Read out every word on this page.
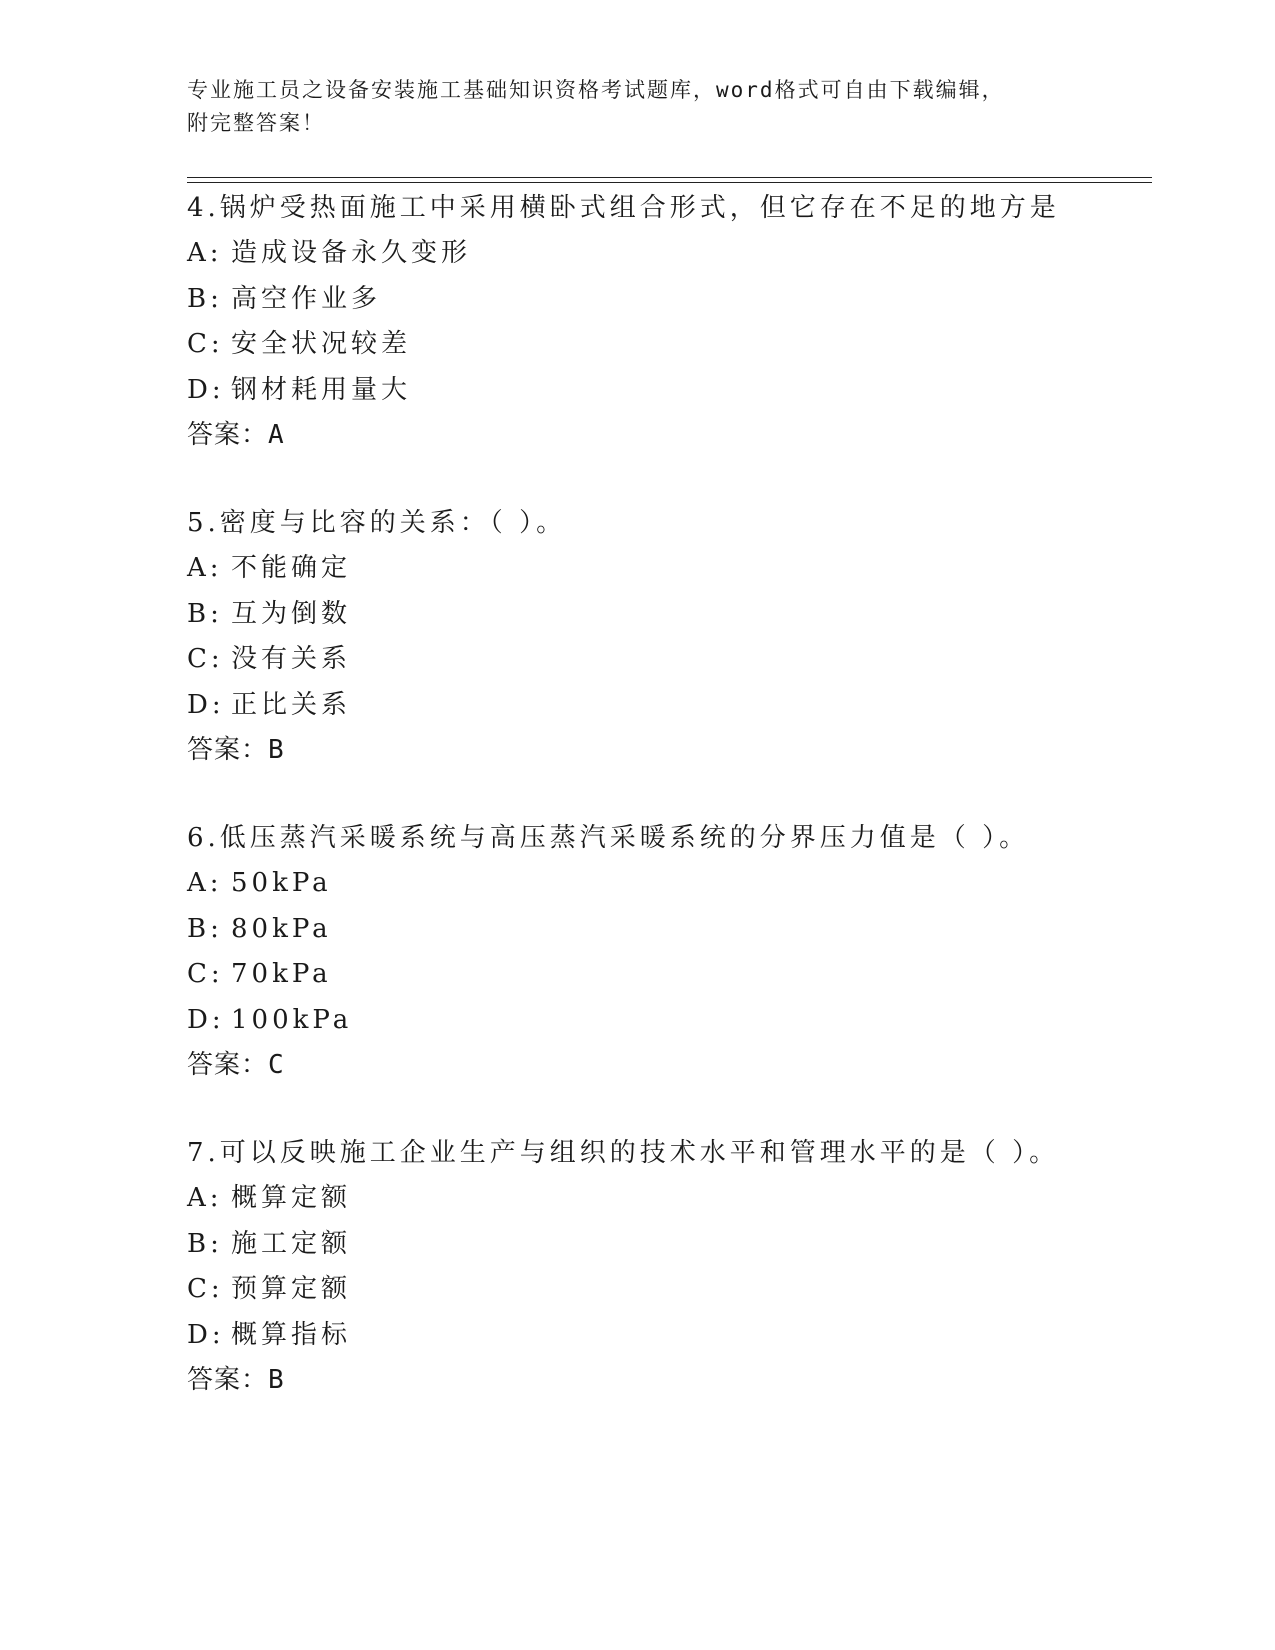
专业施工员之设备安装施工基础知识资格考试题库，word格式可自由下载编辑，
附完整答案！
4.锅炉受热面施工中采用横卧式组合形式，但它存在不足的地方是
A: 造成设备永久变形
B: 高空作业多
C: 安全状况较差
D: 钢材耗用量大
答案：A
5.密度与比容的关系：（ ）。
A: 不能确定
B: 互为倒数
C: 没有关系
D: 正比关系
答案：B
6.低压蒸汽采暖系统与高压蒸汽采暖系统的分界压力值是（ ）。
A: 50kPa
B: 80kPa
C: 70kPa
D: 100kPa
答案：C
7.可以反映施工企业生产与组织的技术水平和管理水平的是（ ）。
A: 概算定额
B: 施工定额
C: 预算定额
D: 概算指标
答案：B
